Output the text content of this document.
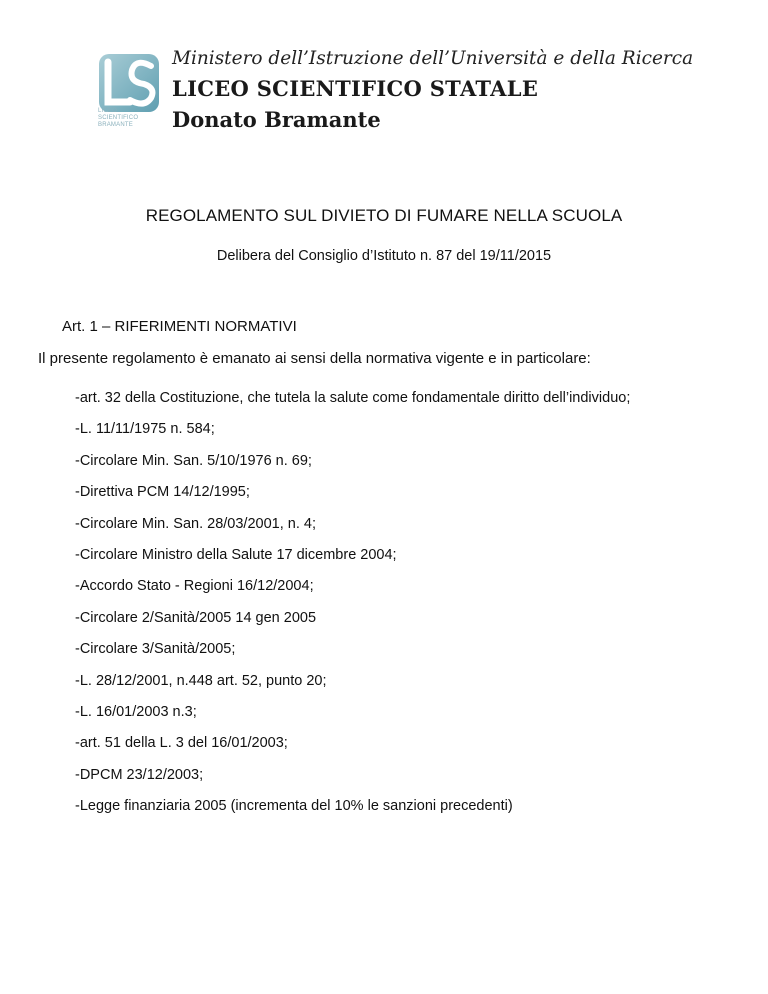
LICEO
SCIENTIFICO
BRAMANTE
Ministero dell’Istruzione dell’Università e della Ricerca
LICEO SCIENTIFICO STATALE
Donato Bramante
REGOLAMENTO SUL DIVIETO DI FUMARE NELLA SCUOLA
Delibera del Consiglio d’Istituto n. 87 del 19/11/2015
Art. 1 – RIFERIMENTI NORMATIVI
Il presente regolamento è emanato ai sensi della normativa vigente e in particolare:
-art. 32 della Costituzione, che tutela la salute come fondamentale diritto dell’individuo;
-L. 11/11/1975 n. 584;
-Circolare Min. San. 5/10/1976 n. 69;
-Direttiva PCM 14/12/1995;
-Circolare Min. San. 28/03/2001, n. 4;
-Circolare Ministro della Salute 17 dicembre 2004;
-Accordo Stato - Regioni 16/12/2004;
-Circolare 2/Sanità/2005 14 gen 2005
-Circolare 3/Sanità/2005;
-L. 28/12/2001, n.448 art. 52, punto 20;
-L. 16/01/2003 n.3;
-art. 51 della L. 3 del 16/01/2003;
-DPCM 23/12/2003;
-Legge finanziaria 2005 (incrementa del 10% le sanzioni precedenti)
